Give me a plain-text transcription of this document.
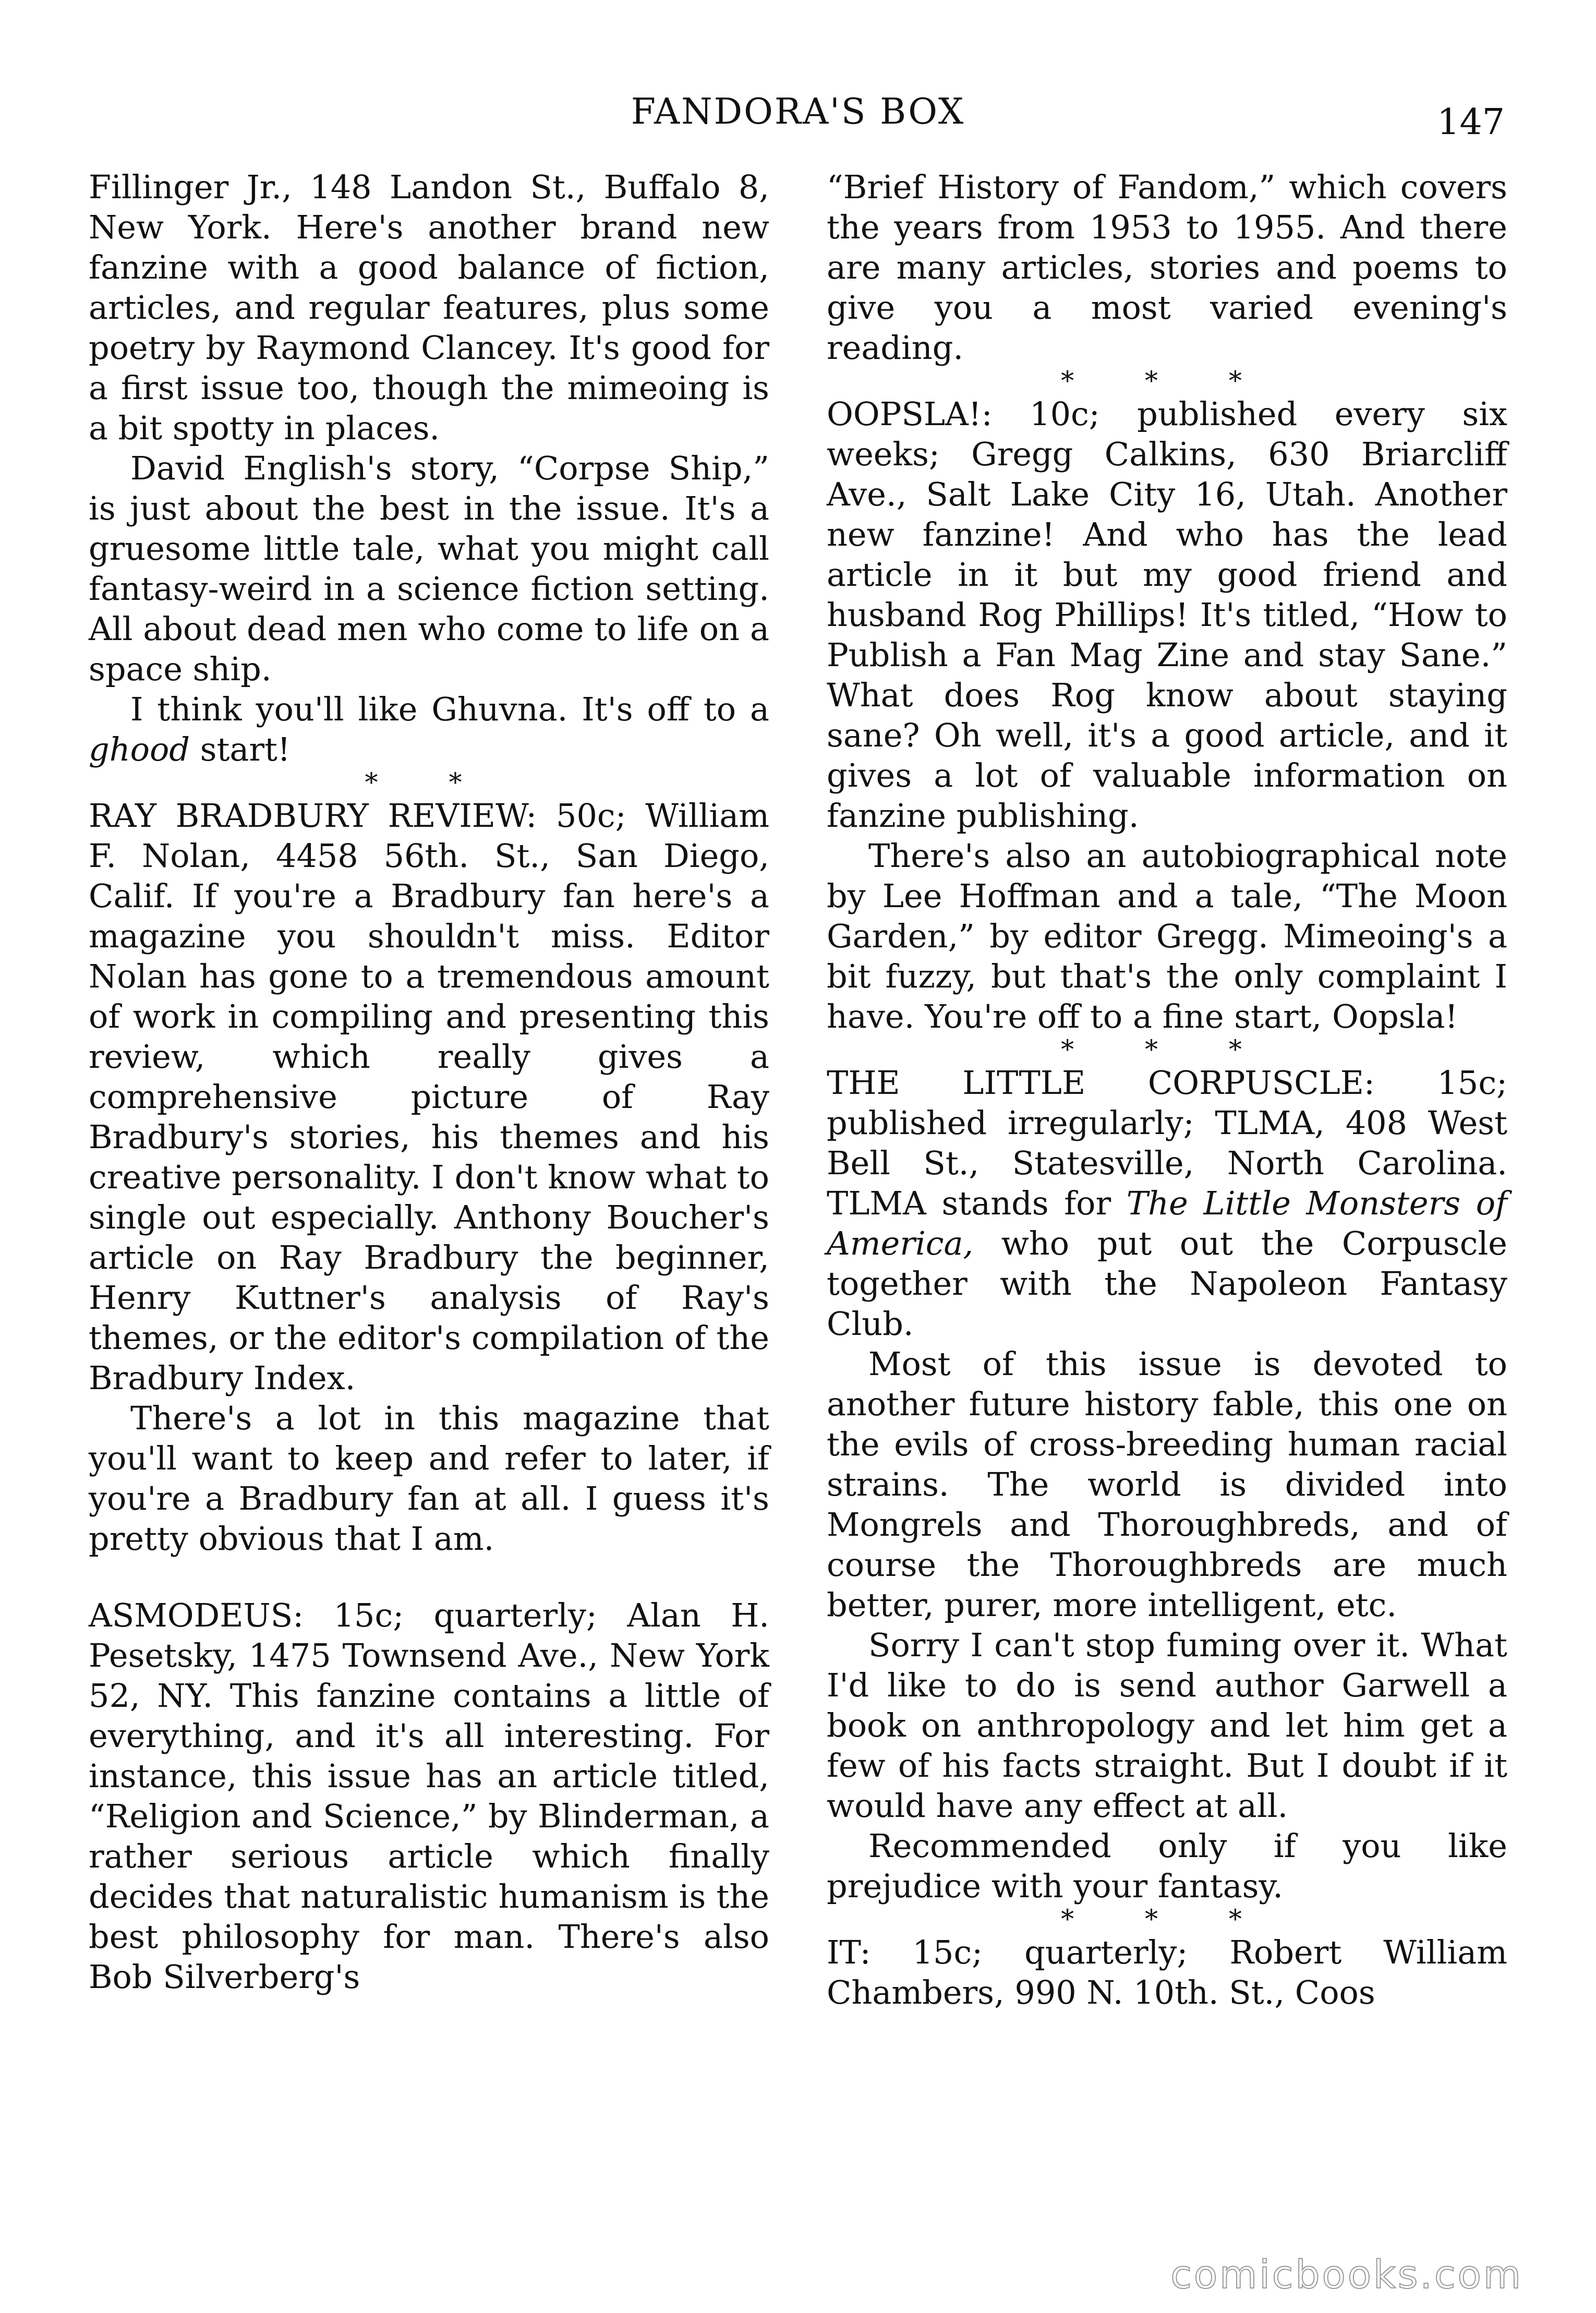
FANDORA'S BOX	147

Fillinger Jr., 148 Landon St., Buffalo 8, New York. Here's another brand new fanzine with a good balance of fiction, articles, and regular features, plus some poetry by Raymond Clancey. It's good for a first issue too, though the mimeoing is a bit spotty in places.

David English's story, “Corpse Ship,” is just about the best in the issue. It's a gruesome little tale, what you might call fantasy-weird in a science fiction setting. All about dead men who come to life on a space ship.

I think you'll like Ghuvna. It's off to a ghood start!

* *

RAY BRADBURY REVIEW: 50c; William F. Nolan, 4458 56th. St., San Diego, Calif. If you're a Bradbury fan here's a magazine you shouldn't miss. Editor Nolan has gone to a tremendous amount of work in compiling and presenting this review, which really gives a comprehensive picture of Ray Bradbury's stories, his themes and his creative personality. I don't know what to single out especially. Anthony Boucher's article on Ray Bradbury the beginner, Henry Kuttner's analysis of Ray's themes, or the editor's compilation of the Bradbury Index.

There's a lot in this magazine that you'll want to keep and refer to later, if you're a Bradbury fan at all. I guess it's pretty obvious that I am.

ASMODEUS: 15c; quarterly; Alan H. Pesetsky, 1475 Townsend Ave., New York 52, NY. This fanzine contains a little of everything, and it's all interesting. For instance, this issue has an article titled, “Religion and Science,” by Blinderman, a rather serious article which finally decides that naturalistic humanism is the best philosophy for man. There's also Bob Silverberg's

“Brief History of Fandom,” which covers the years from 1953 to 1955. And there are many articles, stories and poems to give you a most varied evening's reading.

* * *

OOPSLA!: 10c; published every six weeks; Gregg Calkins, 630 Briarcliff Ave., Salt Lake City 16, Utah. Another new fanzine! And who has the lead article in it but my good friend and husband Rog Phillips! It's titled, “How to Publish a Fan Mag Zine and stay Sane.” What does Rog know about staying sane? Oh well, it's a good article, and it gives a lot of valuable information on fanzine publishing.

There's also an autobiographical note by Lee Hoffman and a tale, “The Moon Garden,” by editor Gregg. Mimeoing's a bit fuzzy, but that's the only complaint I have. You're off to a fine start, Oopsla!

* * *

THE LITTLE CORPUSCLE: 15c; published irregularly; TLMA, 408 West Bell St., Statesville, North Carolina. TLMA stands for The Little Monsters of America, who put out the Corpuscle together with the Napoleon Fantasy Club.

Most of this issue is devoted to another future history fable, this one on the evils of cross-breeding human racial strains. The world is divided into Mongrels and Thoroughbreds, and of course the Thoroughbreds are much better, purer, more intelligent, etc.

Sorry I can't stop fuming over it. What I'd like to do is send author Garwell a book on anthropology and let him get a few of his facts straight. But I doubt if it would have any effect at all.

Recommended only if you like prejudice with your fantasy.

* * *

IT: 15c; quarterly; Robert William Chambers, 990 N. 10th. St., Coos

comicbooks.com
